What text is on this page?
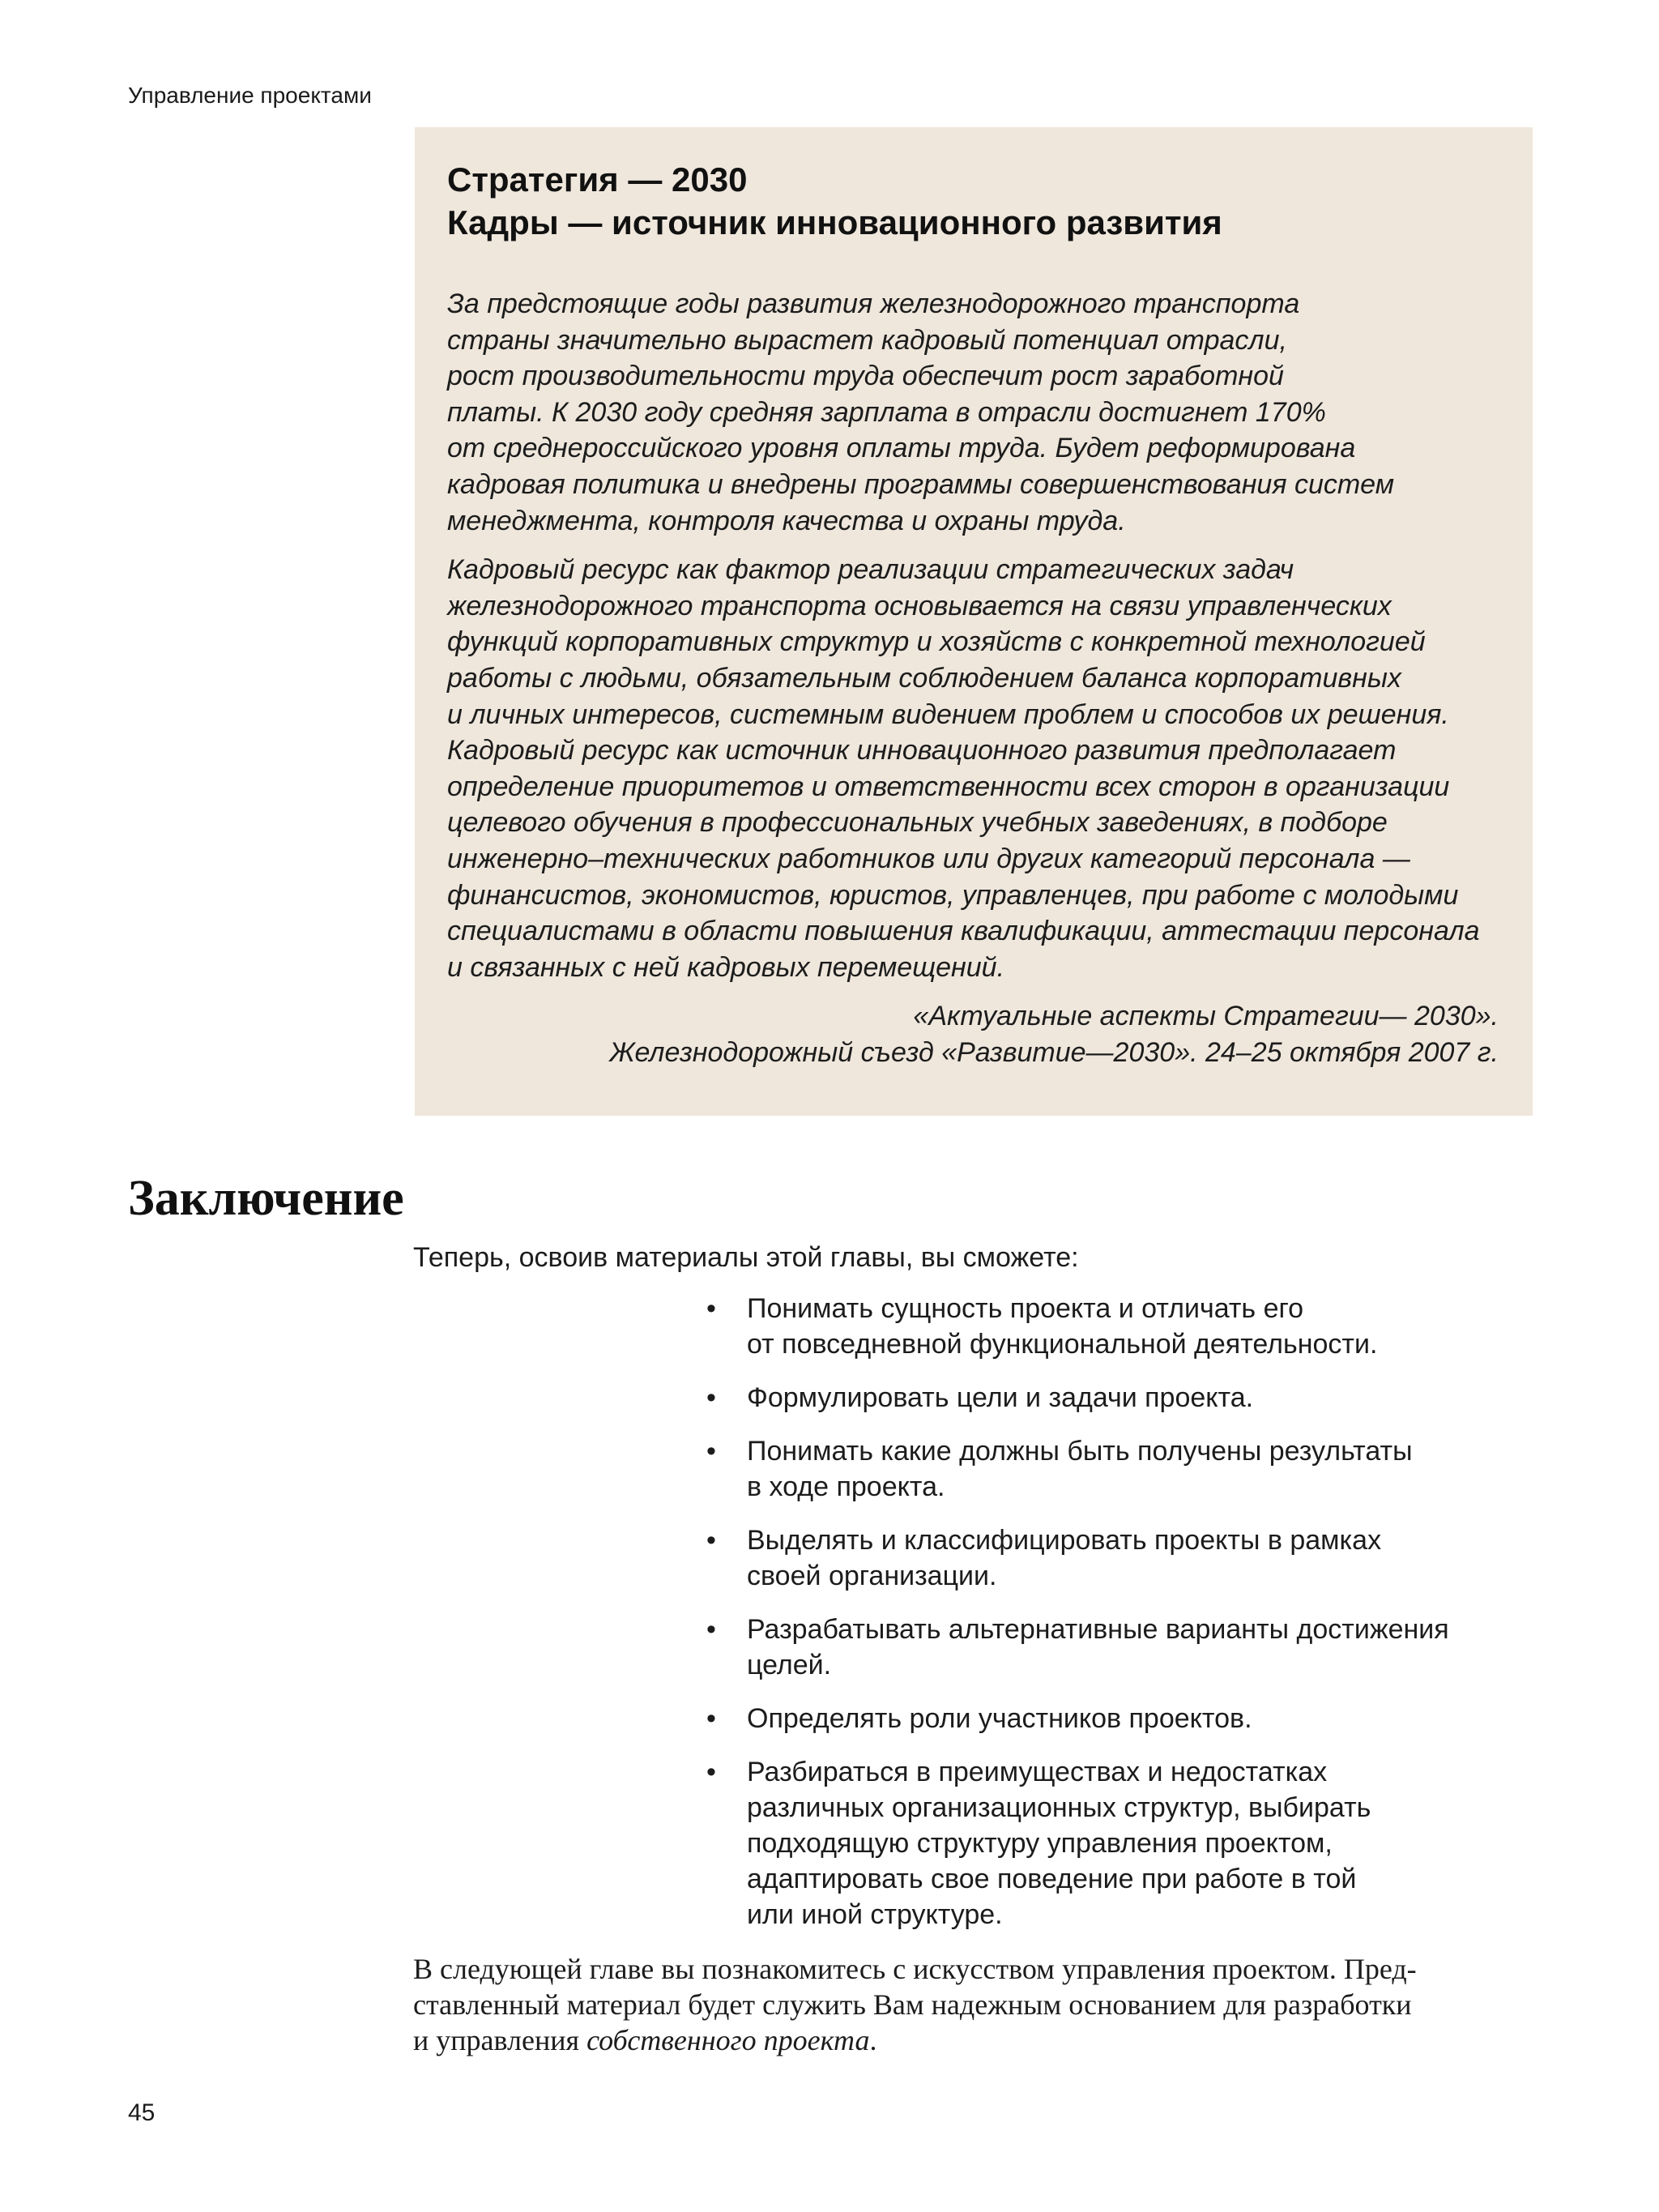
Управление проектами

Стратегия — 2030
Кадры — источник инновационного развития

За предстоящие годы развития железнодорожного транспорта
страны значительно вырастет кадровый потенциал отрасли,
рост производительности труда обеспечит рост заработной
платы. К 2030 году средняя зарплата в отрасли достигнет 170%
от среднероссийского уровня оплаты труда. Будет реформирована
кадровая политика и внедрены программы совершенствования систем
менеджмента, контроля качества и охраны труда.

Кадровый ресурс как фактор реализации стратегических задач
железнодорожного транспорта основывается на связи управленческих
функций корпоративных структур и хозяйств с конкретной технологией
работы с людьми, обязательным соблюдением баланса корпоративных
и личных интересов, системным видением проблем и способов их решения.
Кадровый ресурс как источник инновационного развития предполагает
определение приоритетов и ответственности всех сторон в организации
целевого обучения в профессиональных учебных заведениях, в подборе
инженерно–технических работников или других категорий персонала —
финансистов, экономистов, юристов, управленцев, при работе с молодыми
специалистами в области повышения квалификации, аттестации персонала
и связанных с ней кадровых перемещений.

«Актуальные аспекты Стратегии— 2030».
Железнодорожный съезд «Развитие—2030». 24–25 октября 2007 г.

Заключение

Теперь, освоив материалы этой главы, вы сможете:

• Понимать сущность проекта и отличать его
от повседневной функциональной деятельности.
• Формулировать цели и задачи проекта.
• Понимать какие должны быть получены результаты
в ходе проекта.
• Выделять и классифицировать проекты в рамках
своей организации.
• Разрабатывать альтернативные варианты достижения
целей.
• Определять роли участников проектов.
• Разбираться в преимуществах и недостатках
различных организационных структур, выбирать
подходящую структуру управления проектом,
адаптировать свое поведение при работе в той
или иной структуре.

В следующей главе вы познакомитесь с искусством управления проектом. Пред-
ставленный материал будет служить Вам надежным основанием для разработки
и управления собственного проекта.

45
